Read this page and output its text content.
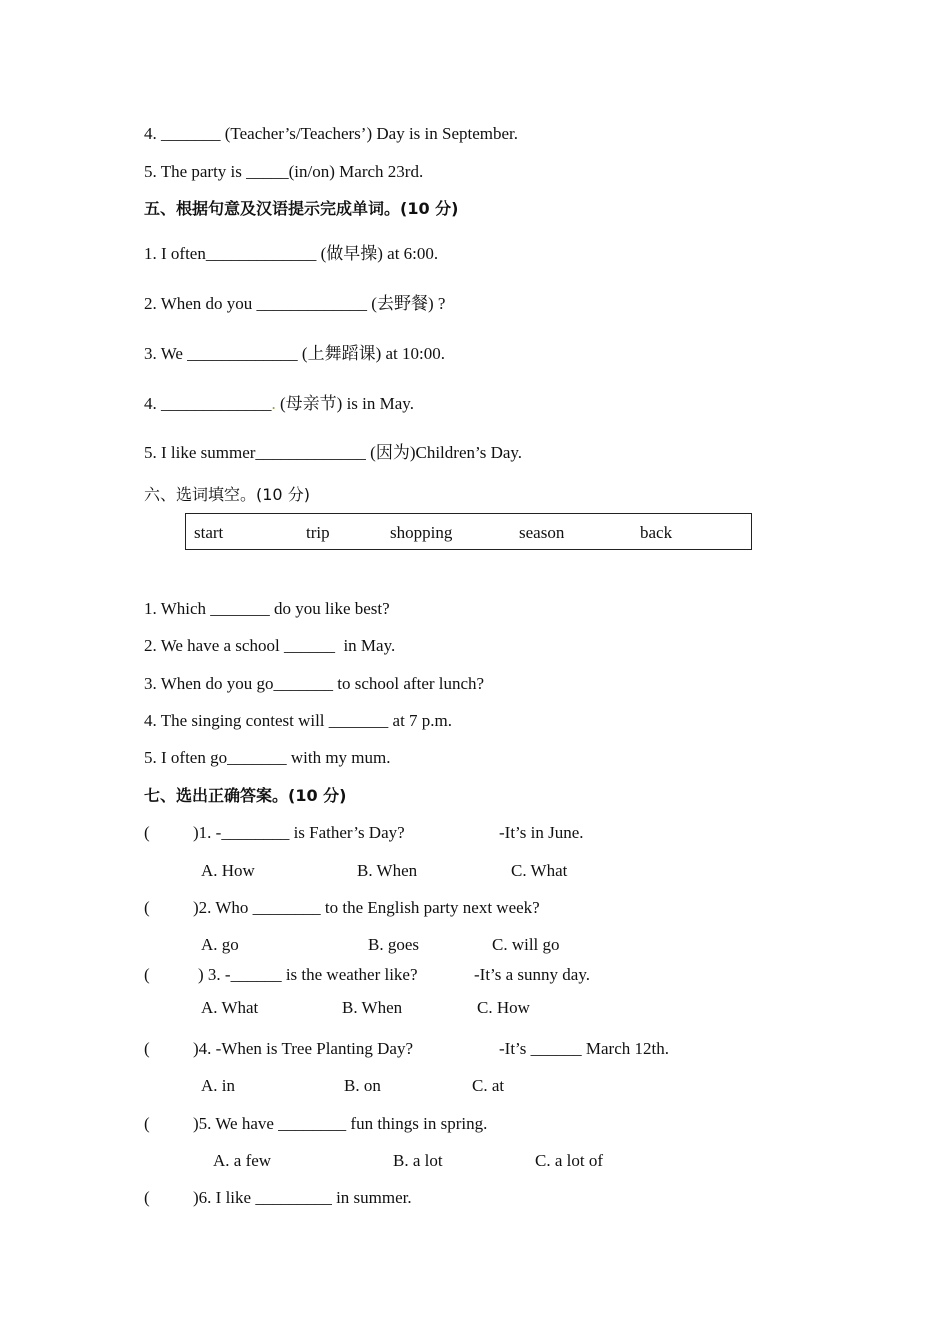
4. _______ (Teacher’s/Teachers’) Day is in September.
5. The party is _____(in/on) March 23rd.
五、根据句意及汉语提示完成单词。(10 分)
1. I often_____________ (做早操) at 6:00.
2. When do you _____________ (去野餐) ?
3. We _____________ (上舞蹈课) at 10:00.
4. _____________. (母亲节) is in May.
5. I like summer_____________ (因为)Children’s Day.
六、选词填空。(10 分)
start	trip	shopping	season	back
1. Which _______ do you like best?
2. We have a school ______  in May.
3. When do you go_______ to school after lunch?
4. The singing contest will _______ at 7 p.m.
5. I often go_______ with my mum.
七、选出正确答案。(10 分)
(	)1. -________ is Father’s Day?	-It’s in June.
A. How	B. When	C. What
(	)2. Who ________ to the English party next week?
A. go	B. goes	C. will go
(	) 3. -______ is the weather like?	-It’s a sunny day.
A. What	B. When	C. How
(	)4. -When is Tree Planting Day?	-It’s ______ March 12th.
A. in	B. on	C. at
(	)5. We have ________ fun things in spring.
A. a few	B. a lot	C. a lot of
(	)6. I like _________ in summer.
